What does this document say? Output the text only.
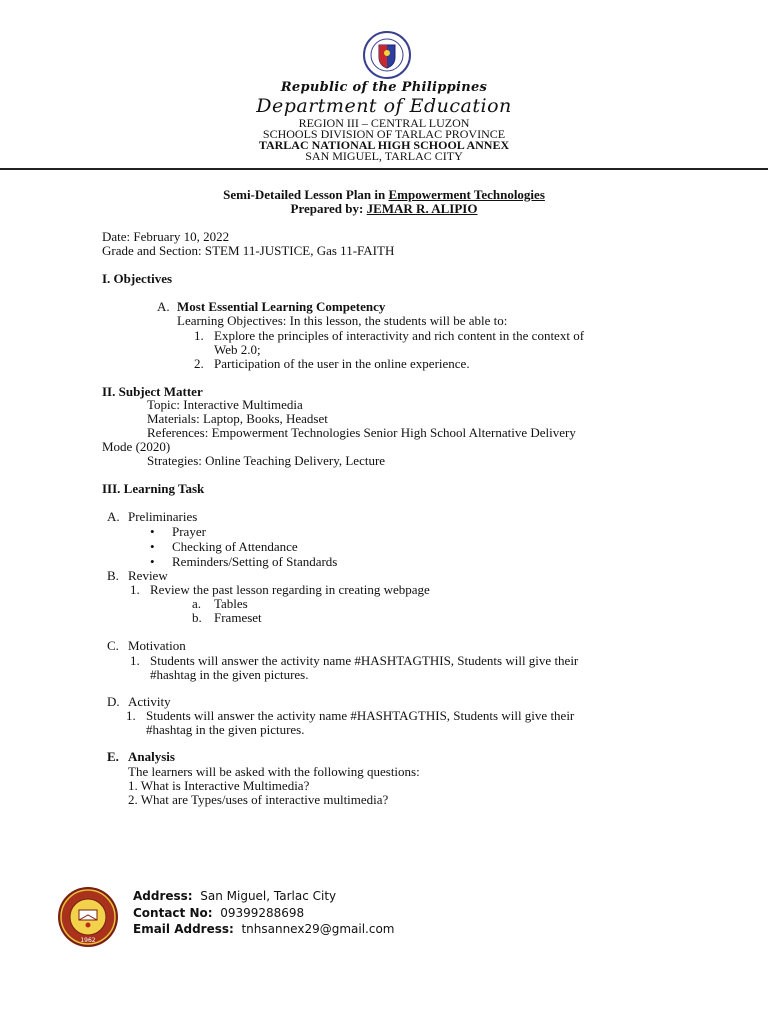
Republic of the Philippines
Department of Education
REGION III – CENTRAL LUZON
SCHOOLS DIVISION OF TARLAC PROVINCE
TARLAC NATIONAL HIGH SCHOOL ANNEX
SAN MIGUEL, TARLAC CITY
Semi-Detailed Lesson Plan in Empowerment Technologies
Prepared by: JEMAR R. ALIPIO
Date: February 10, 2022
Grade and Section: STEM 11-JUSTICE, Gas 11-FAITH
I. Objectives
A. Most Essential Learning Competency
Learning Objectives: In this lesson, the students will be able to:
1. Explore the principles of interactivity and rich content in the context of
Web 2.0;
2. Participation of the user in the online experience.
II. Subject Matter
Topic: Interactive Multimedia
Materials: Laptop, Books, Headset
References: Empowerment Technologies Senior High School Alternative Delivery
Mode (2020)
Strategies: Online Teaching Delivery, Lecture
III. Learning Task
A. Preliminaries
• Prayer
• Checking of Attendance
• Reminders/Setting of Standards
B. Review
1. Review the past lesson regarding in creating webpage
a. Tables
b. Frameset
C. Motivation
1. Students will answer the activity name #HASHTAGTHIS, Students will give their
#hashtag in the given pictures.
D. Activity
1. Students will answer the activity name #HASHTAGTHIS, Students will give their
#hashtag in the given pictures.
E. Analysis
The learners will be asked with the following questions:
1. What is Interactive Multimedia?
2. What are Types/uses of interactive multimedia?
1962
Address: San Miguel, Tarlac City
Contact No: 09399288698
Email Address: tnhsannex29@gmail.com
